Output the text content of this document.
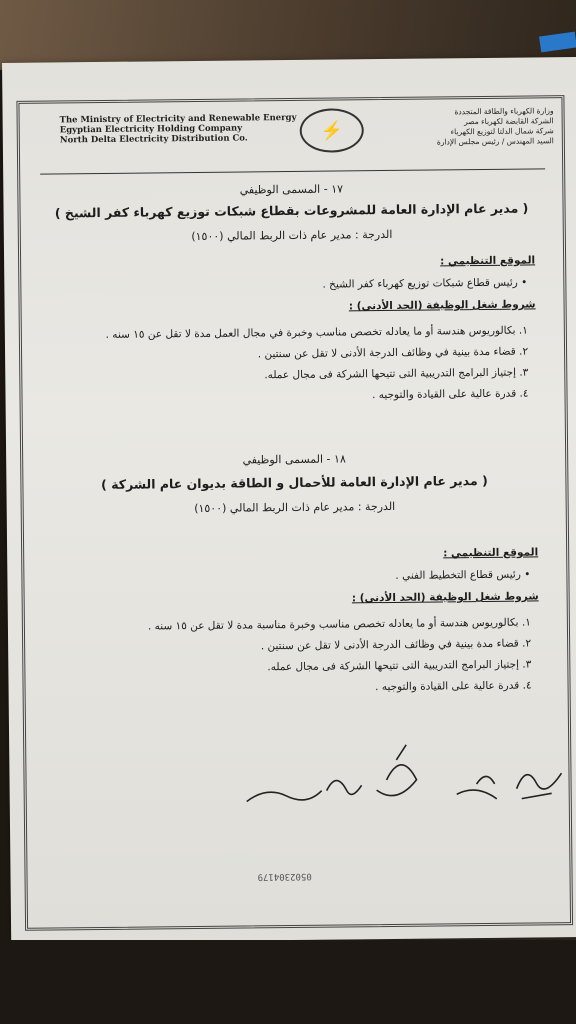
The Ministry of Electricity and Renewable Energy
Egyptian Electricity Holding Company
North Delta Electricity Distribution Co.	⚡
وزارة الكهرباء والطاقة المتجددة
الشركة القابضة لكهرباء مصر
شركة شمال الدلتا لتوزيع الكهرباء
السيد المهندس / رئيس مجلس الإدارة
١٧ - المسمى الوظيفي
( مدير عام الإدارة العامة للمشروعات بقطاع شبكات توزيع كهرباء كفر الشيخ )
الدرجة : مدير عام ذات الربط المالي (١٥٠٠)
الموقع التنظيمي :
• رئيس قطاع شبكات توزيع كهرباء كفر الشيخ .
شروط شغل الوظيفة (الحد الأدنى) :
١. بكالوريوس هندسة أو ما يعادله تخصص مناسب وخبرة في مجال العمل مدة لا تقل عن ١٥ سنه .
٢. قضاء مدة بينية في وظائف الدرجة الأدنى لا تقل عن سنتين .
٣. إجتياز البرامج التدريبية التى تتيحها الشركة فى مجال عمله.
٤. قدرة عالية على القيادة والتوجيه .
١٨ - المسمى الوظيفي
( مدير عام الإدارة العامة للأحمال و الطاقة بديوان عام الشركة )
الدرجة : مدير عام ذات الربط المالي (١٥٠٠)
الموقع التنظيمي :
• رئيس قطاع التخطيط الفني .
شروط شغل الوظيفة (الحد الأدنى) :
١. بكالوريوس هندسة أو ما يعادله تخصص مناسب وخبرة مناسبة مدة لا تقل عن ١٥ سنه .
٢. قضاء مدة بينية في وظائف الدرجة الأدنى لا تقل عن سنتين .
٣. إجتياز البرامج التدريبية التى تتيحها الشركة فى مجال عمله.
٤. قدرة عالية على القيادة والتوجيه .
0502304179
